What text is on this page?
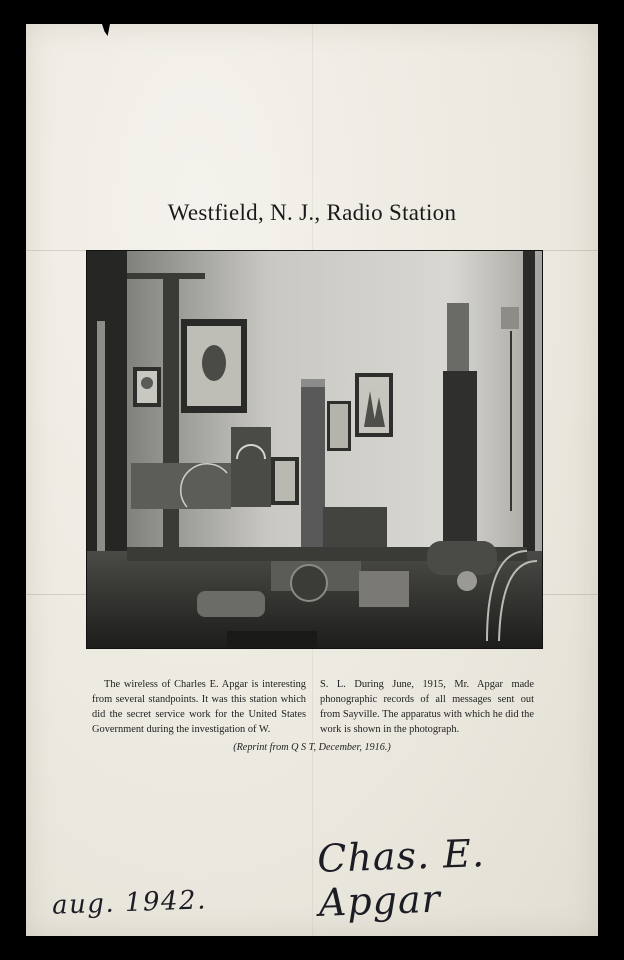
Westfield, N. J., Radio Station

The wireless of Charles E. Apgar is interesting from several standpoints. It was this station which did the secret service work for the United States Government during the investigation of W.

S. L. During June, 1915, Mr. Apgar made phonographic records of all messages sent out from Sayville. The apparatus with which he did the work is shown in the photograph.

(Reprint from Q S T, December, 1916.)
Chas. E. Apgar
aug. 1942.
